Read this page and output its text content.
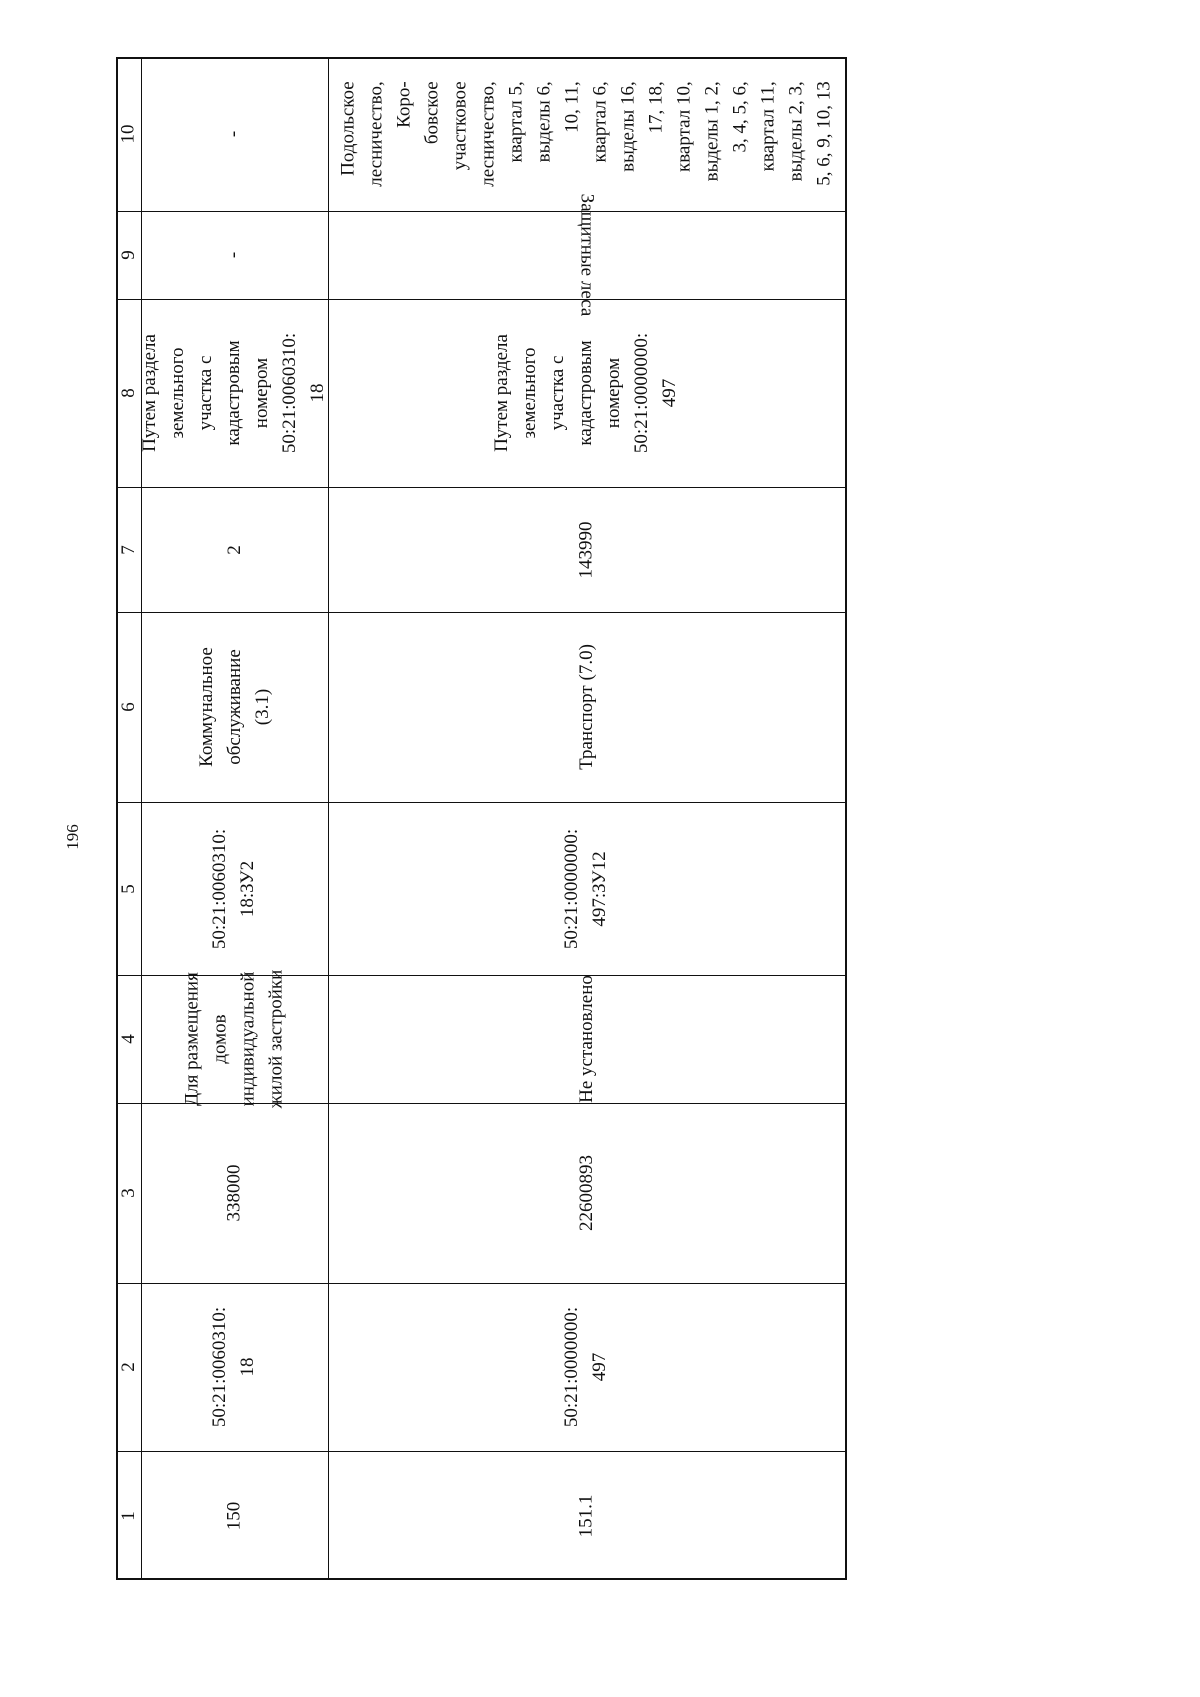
196
10
9
8
7
6
5
4
3
2
1
-
-
Путем раздела
земельного
участка с
кадастровым
номером
50:21:0060310:
18
2
Коммунальное
обслуживание
(3.1)
50:21:0060310:
18:ЗУ2
Для размещения
домов
индивидуальной
жилой застройки
338000
50:21:0060310:
18
150
Подольское
лесничество,
Коро-
бовское
участковое
лесничество,
квартал 5,
выделы 6,
10, 11,
квартал 6,
выделы 16,
17, 18,
квартал 10,
выделы 1, 2,
3, 4, 5, 6,
квартал 11,
выделы 2, 3,
5, 6, 9, 10, 13
Защитные леса
Путем раздела
земельного
участка с
кадастровым
номером
50:21:0000000:
497
143990
Транспорт (7.0)
50:21:0000000:
497:ЗУ12
Не установлено
22600893
50:21:0000000:
497
151.1
